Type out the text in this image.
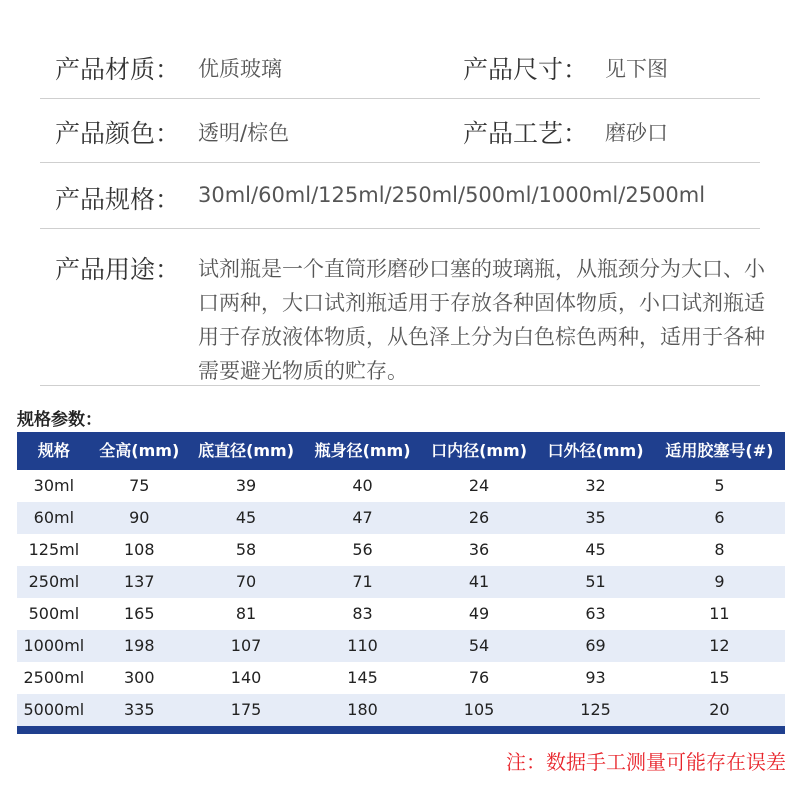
产品材质： 优质玻璃	产品尺寸： 见下图
产品颜色： 透明/棕色	产品工艺： 磨砂口
产品规格： 30ml/60ml/125ml/250ml/500ml/1000ml/2500ml
产品用途： 试剂瓶是一个直筒形磨砂口塞的玻璃瓶，从瓶颈分为大口、小口两种，大口试剂瓶适用于存放各种固体物质，小口试剂瓶适用于存放液体物质，从色泽上分为白色棕色两种，适用于各种需要避光物质的贮存。
规格参数：
规格	全高(mm)	底直径(mm)	瓶身径(mm)	口内径(mm)	口外径(mm)	适用胶塞号(#)
30ml	75	39	40	24	32	5
60ml	90	45	47	26	35	6
125ml	108	58	56	36	45	8
250ml	137	70	71	41	51	9
500ml	165	81	83	49	63	11
1000ml	198	107	110	54	69	12
2500ml	300	140	145	76	93	15
5000ml	335	175	180	105	125	20
注：数据手工测量可能存在误差
